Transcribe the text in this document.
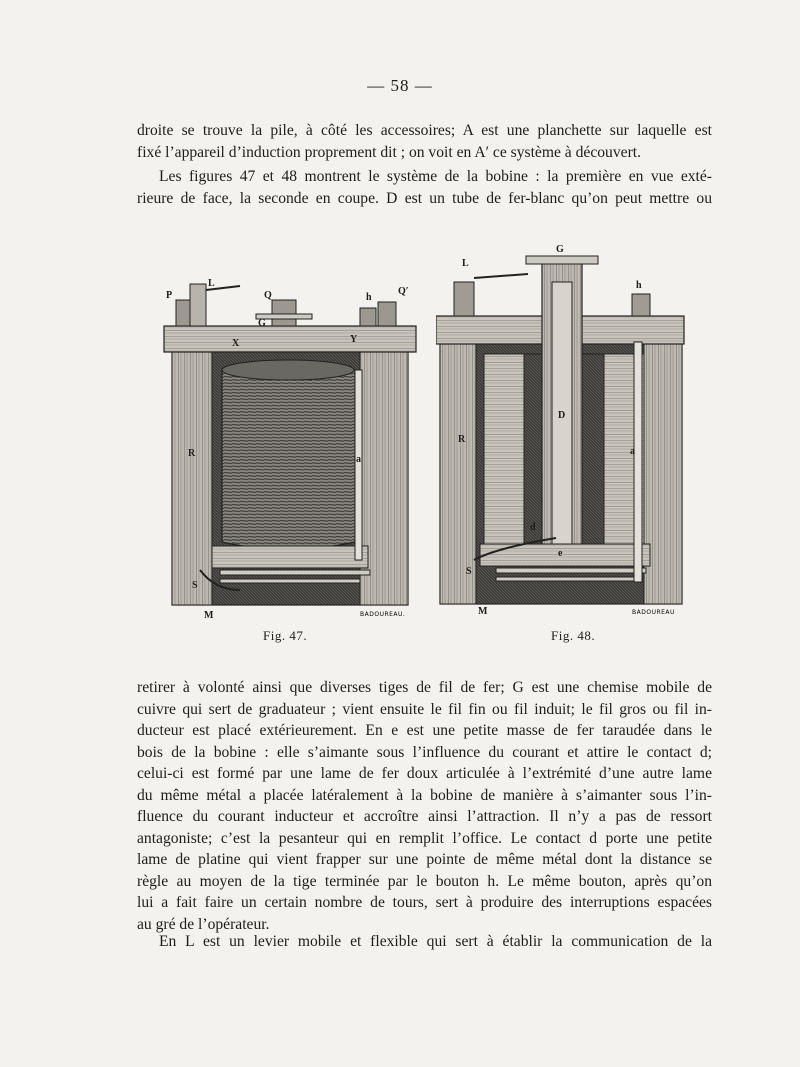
— 58 —

droite se trouve la pile, à côté les accessoires; A est une planchette sur laquelle est
fixé l’appareil d’induction proprement dit ; on voit en A′ ce système à découvert.

Les figures 47 et 48 montrent le système de la bobine : la première en vue exté-
rieure de face, la seconde en coupe. D est un tube de fer-blanc qu’on peut mettre ou

P
L
Q
G
h
Q′
X	Y
R
a
S
M	BADOUREAU.
Fig. 47.
G
L
h
D
R
a
e
d
S
M	BADOUREAU
Fig. 48.

retirer à volonté ainsi que diverses tiges de fil de fer; G est une chemise mobile de
cuivre qui sert de graduateur ; vient ensuite le fil fin ou fil induit; le fil gros ou fil in-
ducteur est placé extérieurement. En e est une petite masse de fer taraudée dans le
bois de la bobine : elle s’aimante sous l’influence du courant et attire le contact d;
celui-ci est formé par une lame de fer doux articulée à l’extrémité d’une autre lame
du même métal a placée latéralement à la bobine de manière à s’aimanter sous l’in-
fluence du courant inducteur et accroître ainsi l’attraction. Il n’y a pas de ressort
antagoniste; c’est la pesanteur qui en remplit l’office. Le contact d porte une petite
lame de platine qui vient frapper sur une pointe de même métal dont la distance se
règle au moyen de la tige terminée par le bouton h. Le même bouton, après qu’on
lui a fait faire un certain nombre de tours, sert à produire des interruptions espacées
au gré de l’opérateur.

En L est un levier mobile et flexible qui sert à établir la communication de la
